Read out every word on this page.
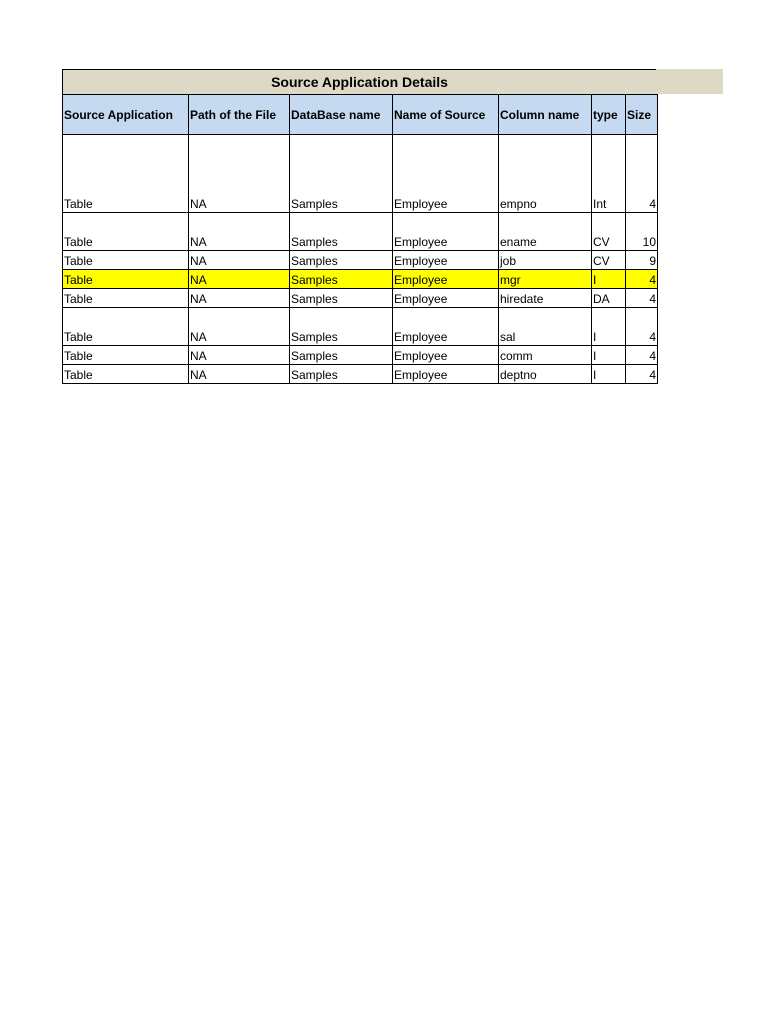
Source Application Details
Source Application	Path of the File	DataBase name	Name of Source	Column name	type	Size
Table	NA	Samples	Employee	empno	Int	4
Table	NA	Samples	Employee	ename	CV	10
Table	NA	Samples	Employee	job	CV	9
Table	NA	Samples	Employee	mgr	I	4
Table	NA	Samples	Employee	hiredate	DA	4
Table	NA	Samples	Employee	sal	I	4
Table	NA	Samples	Employee	comm	I	4
Table	NA	Samples	Employee	deptno	I	4
